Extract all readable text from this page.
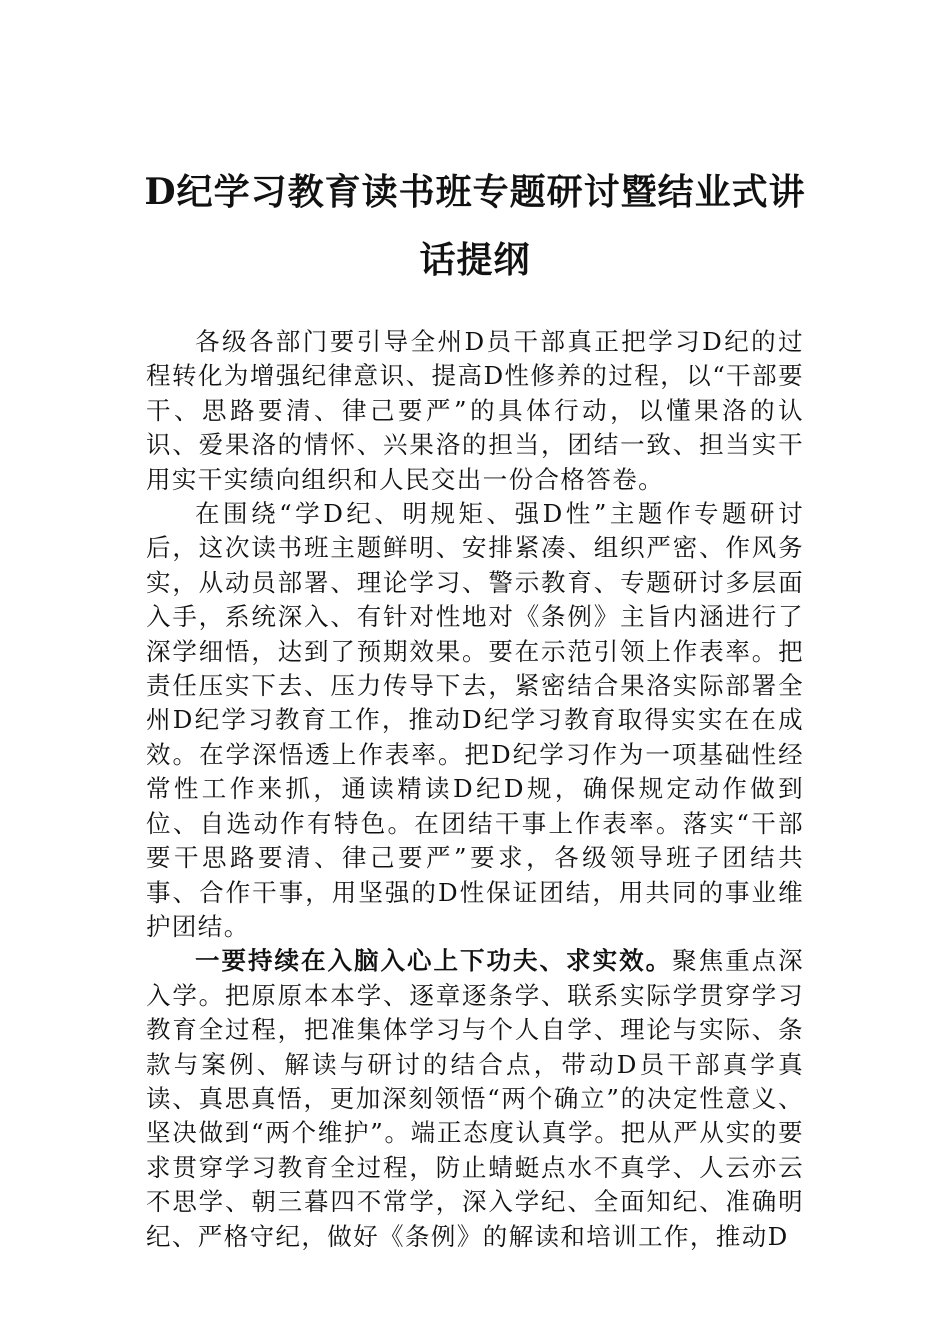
D纪学习教育读书班专题研讨暨结业式讲话提纲

各级各部门要引导全州D员干部真正把学习D纪的过程转化为增强纪律意识、提高D性修养的过程，以“干部要干、思路要清、律己要严”的具体行动，以懂果洛的认识、爱果洛的情怀、兴果洛的担当，团结一致、担当实干用实干实绩向组织和人民交出一份合格答卷。

在围绕“学D纪、明规矩、强D性”主题作专题研讨后，这次读书班主题鲜明、安排紧凑、组织严密、作风务实，从动员部署、理论学习、警示教育、专题研讨多层面入手，系统深入、有针对性地对《条例》主旨内涵进行了深学细悟，达到了预期效果。要在示范引领上作表率。把责任压实下去、压力传导下去，紧密结合果洛实际部署全州D纪学习教育工作，推动D纪学习教育取得实实在在成效。在学深悟透上作表率。把D纪学习作为一项基础性经常性工作来抓，通读精读D纪D规，确保规定动作做到位、自选动作有特色。在团结干事上作表率。落实“干部要干思路要清、律己要严”要求，各级领导班子团结共事、合作干事，用坚强的D性保证团结，用共同的事业维护团结。

一要持续在入脑入心上下功夫、求实效。聚焦重点深入学。把原原本本学、逐章逐条学、联系实际学贯穿学习教育全过程，把准集体学习与个人自学、理论与实际、条款与案例、解读与研讨的结合点，带动D员干部真学真读、真思真悟，更加深刻领悟“两个确立”的决定性意义、坚决做到“两个维护”。端正态度认真学。把从严从实的要求贯穿学习教育全过程，防止蜻蜓点水不真学、人云亦云不思学、朝三暮四不常学，深入学纪、全面知纪、准确明纪、严格守纪，做好《条例》的解读和培训工作，推动D
